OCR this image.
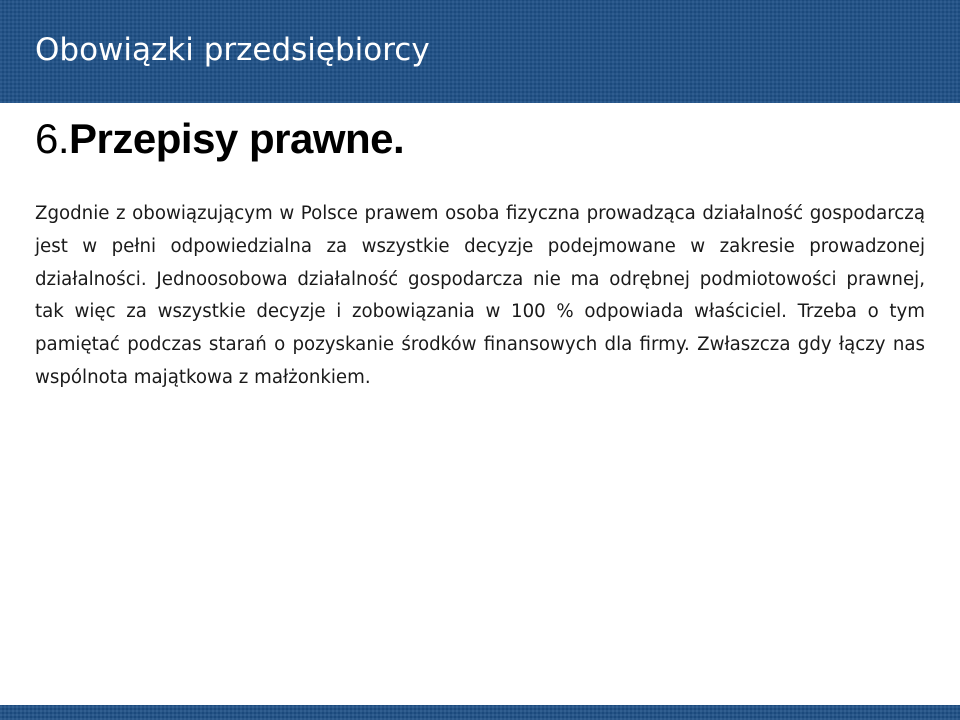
Obowiązki przedsiębiorcy
6.Przepisy prawne.

Zgodnie z obowiązującym w Polsce prawem osoba fizyczna prowadząca działalność gospodarczą jest w pełni odpowiedzialna za wszystkie decyzje podejmowane w zakresie prowadzonej działalności. Jednoosobowa działalność gospodarcza nie ma odrębnej podmiotowości prawnej, tak więc za wszystkie decyzje i zobowiązania w 100 % odpowiada właściciel. Trzeba o tym pamiętać podczas starań o pozyskanie środków finansowych dla firmy. Zwłaszcza gdy łączy nas wspólnota majątkowa z małżonkiem.
